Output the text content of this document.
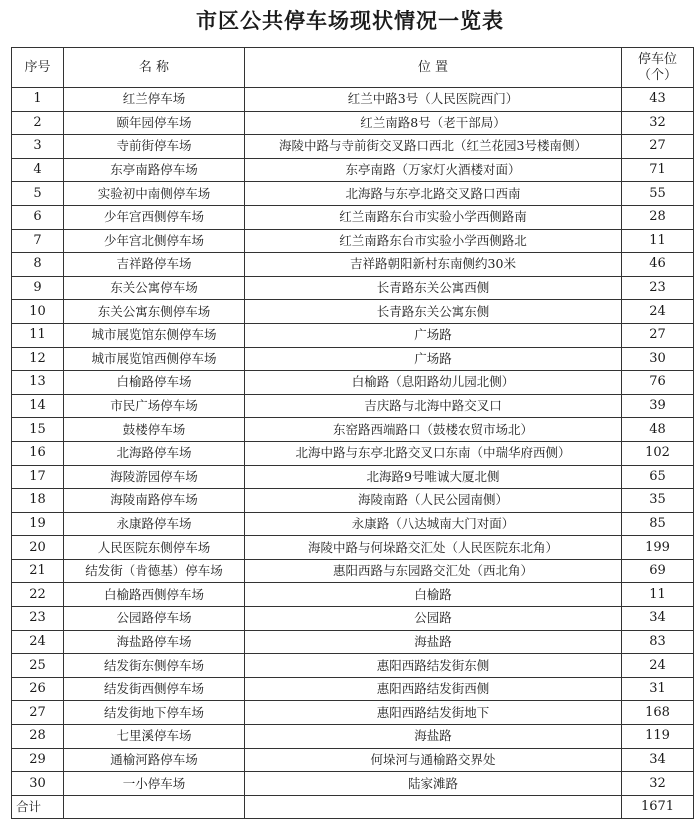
市区公共停车场现状情况一览表
序号	名 称	位 置	停车位
（个）
1	红兰停车场	红兰中路3号（人民医院西门）	43
2	颐年园停车场	红兰南路8号（老干部局）	32
3	寺前街停车场	海陵中路与寺前街交叉路口西北（红兰花园3号楼南侧）	27
4	东亭南路停车场	东亭南路（万家灯火酒楼对面）	71
5	实验初中南侧停车场	北海路与东亭北路交叉路口西南	55
6	少年宫西侧停车场	红兰南路东台市实验小学西侧路南	28
7	少年宫北侧停车场	红兰南路东台市实验小学西侧路北	11
8	吉祥路停车场	吉祥路朝阳新村东南侧约30米	46
9	东关公寓停车场	长青路东关公寓西侧	23
10	东关公寓东侧停车场	长青路东关公寓东侧	24
11	城市展览馆东侧停车场	广场路	27
12	城市展览馆西侧停车场	广场路	30
13	白榆路停车场	白榆路（息阳路幼儿园北侧）	76
14	市民广场停车场	吉庆路与北海中路交叉口	39
15	鼓楼停车场	东窑路西端路口（鼓楼农贸市场北）	48
16	北海路停车场	北海中路与东亭北路交叉口东南（中瑞华府西侧）	102
17	海陵游园停车场	北海路9号唯诚大厦北侧	65
18	海陵南路停车场	海陵南路（人民公园南侧）	35
19	永康路停车场	永康路（八达城南大门对面）	85
20	人民医院东侧停车场	海陵中路与何垛路交汇处（人民医院东北角）	199
21	结发街（肯德基）停车场	惠阳西路与东园路交汇处（西北角）	69
22	白榆路西侧停车场	白榆路	11
23	公园路停车场	公园路	34
24	海盐路停车场	海盐路	83
25	结发街东侧停车场	惠阳西路结发街东侧	24
26	结发街西侧停车场	惠阳西路结发街西侧	31
27	结发街地下停车场	惠阳西路结发街地下	168
28	七里溪停车场	海盐路	119
29	通榆河路停车场	何垛河与通榆路交界处	34
30	一小停车场	陆家滩路	32
合计			1671
